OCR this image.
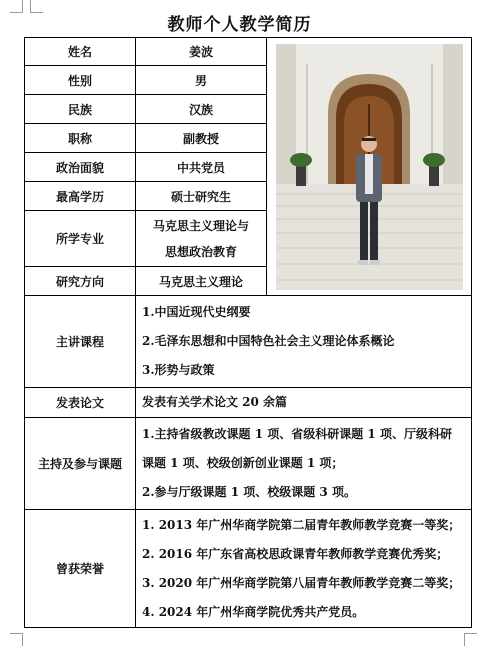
教师个人教学简历
姓名	姜波	

性别	男	
民族	汉族	
职称	副教授	
政治面貌	中共党员	
最高学历	硕士研究生	
所学专业	马克思主义理论与
思想政治教育	

研究方向	马克思主义理论	
主讲课程	1.中国近现代史纲要

2.毛泽东思想和中国特色社会主义理论体系概论

3.形势与政策	

发表论文	发表有关学术论文 20 余篇	
主持及参与课题	1.主持省级教改课题 1 项、省级科研课题 1 项、厅级科研

课题 1 项、校级创新创业课题 1 项；

2.参与厅级课题 1 项、校级课题 3 项。	

曾获荣誉	1. 2013 年广州华商学院第二届青年教师教学竞赛一等奖；

2. 2016 年广东省高校思政课青年教师教学竞赛优秀奖；

3. 2020 年广州华商学院第八届青年教师教学竞赛二等奖；

4. 2024 年广州华商学院优秀共产党员。	
